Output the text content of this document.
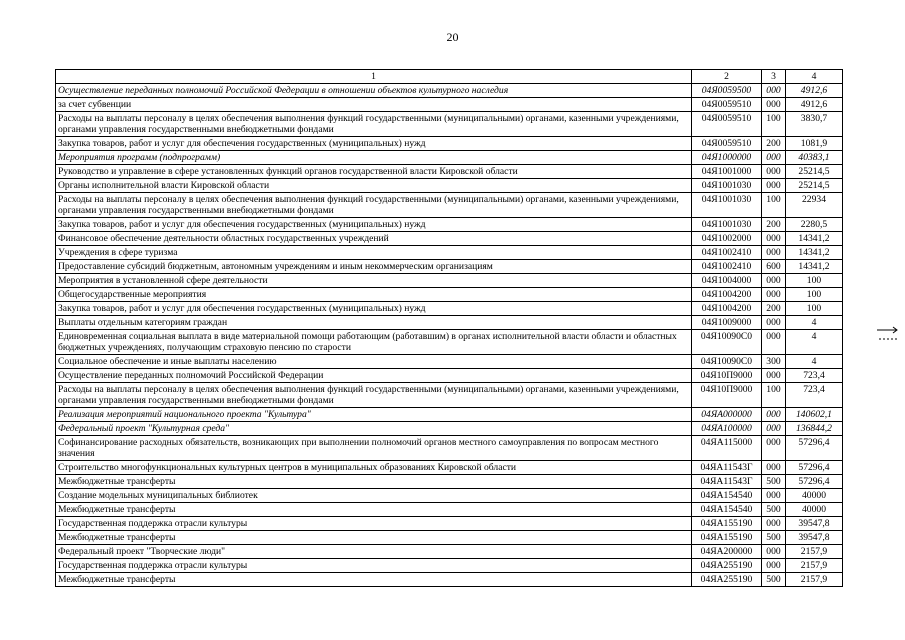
20
1	2	3	4
Осуществление переданных полномочий Российской Федерации в отношении объектов культурного наследия	04Я0059500	000	4912,6
за счет субвенции	04Я0059510	000	4912,6
Расходы на выплаты персоналу в целях обеспечения выполнения функций государственными (муниципальными) органами, казенными учреждениями, органами управления государственными внебюджетными фондами	04Я0059510	100	3830,7
Закупка товаров, работ и услуг для обеспечения государственных (муниципальных) нужд	04Я0059510	200	1081,9
Мероприятия программ (подпрограмм)	04Я1000000	000	40383,1
Руководство и управление в сфере установленных функций органов государственной власти Кировской области	04Я1001000	000	25214,5
Органы исполнительной власти Кировской области	04Я1001030	000	25214,5
Расходы на выплаты персоналу в целях обеспечения выполнения функций государственными (муниципальными) органами, казенными учреждениями, органами управления государственными внебюджетными фондами	04Я1001030	100	22934
Закупка товаров, работ и услуг для обеспечения государственных (муниципальных) нужд	04Я1001030	200	2280,5
Финансовое обеспечение деятельности областных государственных учреждений	04Я1002000	000	14341,2
Учреждения в сфере туризма	04Я1002410	000	14341,2
Предоставление субсидий бюджетным, автономным учреждениям и иным некоммерческим организациям	04Я1002410	600	14341,2
Мероприятия в установленной сфере деятельности	04Я1004000	000	100
Общегосударственные мероприятия	04Я1004200	000	100
Закупка товаров, работ и услуг для обеспечения государственных (муниципальных) нужд	04Я1004200	200	100
Выплаты отдельным категориям граждан	04Я1009000	000	4
Единовременная социальная выплата в виде материальной помощи работающим (работавшим) в органах исполнительной власти области и областных бюджетных учреждениях, получающим страховую пенсию по старости	04Я10090С0	000	4
Социальное обеспечение и иные выплаты населению	04Я10090С0	300	4
Осуществление переданных полномочий Российской Федерации	04Я10П9000	000	723,4
Расходы на выплаты персоналу в целях обеспечения выполнения функций государственными (муниципальными) органами, казенными учреждениями, органами управления государственными внебюджетными фондами	04Я10П9000	100	723,4
Реализация мероприятий национального проекта "Культура"	04ЯА000000	000	140602,1
Федеральный проект "Культурная среда"	04ЯА100000	000	136844,2
Софинансирование расходных обязательств, возникающих при выполнении полномочий органов местного самоуправления по вопросам местного значения	04ЯА115000	000	57296,4
Строительство многофункциональных культурных центров в муниципальных образованиях Кировской области	04ЯА11543Г	000	57296,4
Межбюджетные трансферты	04ЯА11543Г	500	57296,4
Создание модельных муниципальных библиотек	04ЯА154540	000	40000
Межбюджетные трансферты	04ЯА154540	500	40000
Государственная поддержка отрасли культуры	04ЯА155190	000	39547,8
Межбюджетные трансферты	04ЯА155190	500	39547,8
Федеральный проект "Творческие люди"	04ЯА200000	000	2157,9
Государственная поддержка отрасли культуры	04ЯА255190	000	2157,9
Межбюджетные трансферты	04ЯА255190	500	2157,9
